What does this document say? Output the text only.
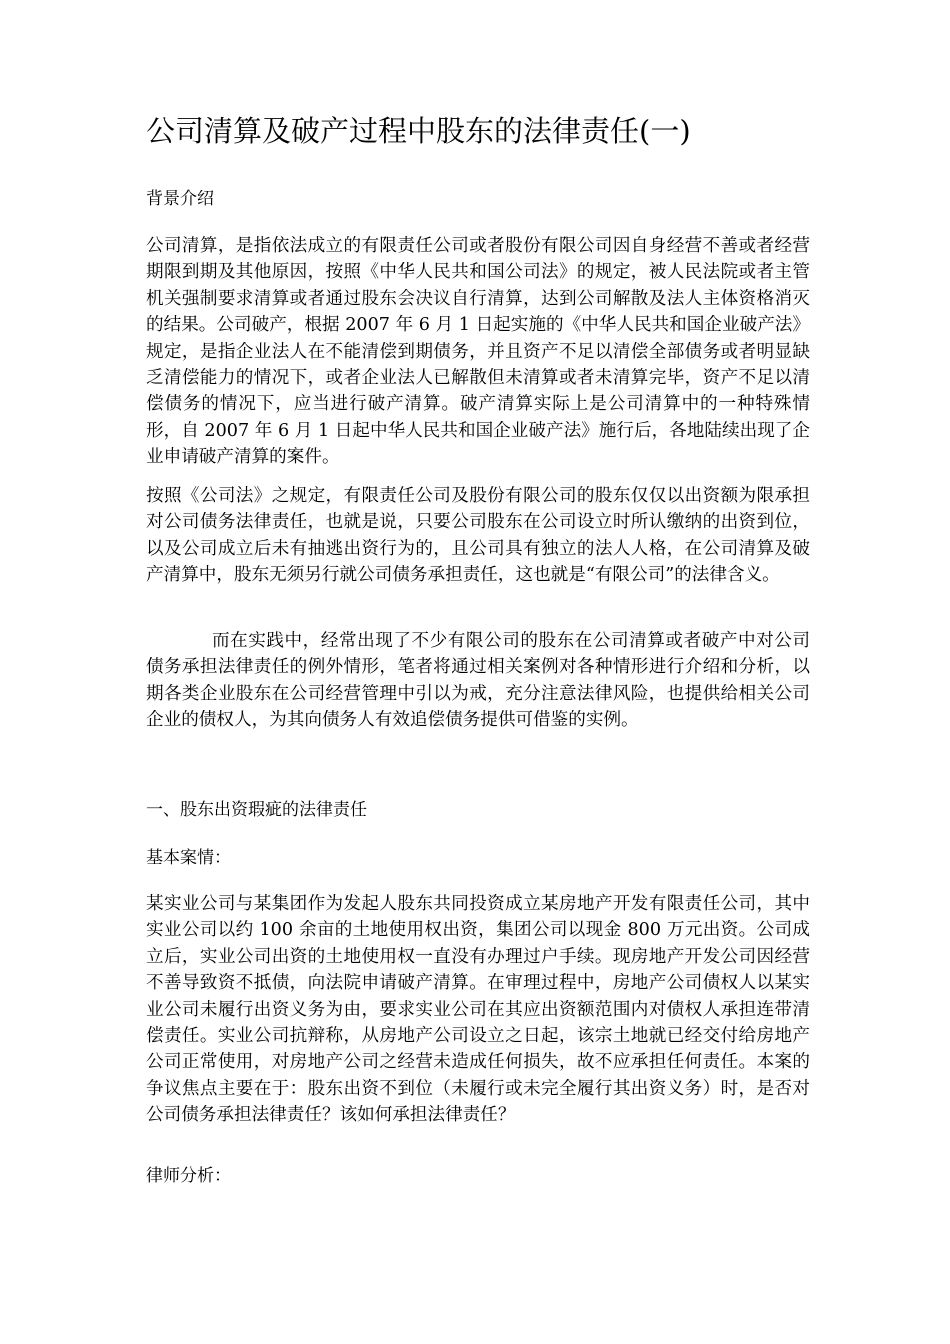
公司清算及破产过程中股东的法律责任(一)
背景介绍

公司清算，是指依法成立的有限责任公司或者股份有限公司因自身经营不善或者经营期限到期及其他原因，按照《中华人民共和国公司法》的规定，被人民法院或者主管机关强制要求清算或者通过股东会决议自行清算，达到公司解散及法人主体资格消灭的结果。公司破产，根据 2007 年 6 月 1 日起实施的《中华人民共和国企业破产法》规定，是指企业法人在不能清偿到期债务，并且资产不足以清偿全部债务或者明显缺乏清偿能力的情况下，或者企业法人已解散但未清算或者未清算完毕，资产不足以清偿债务的情况下，应当进行破产清算。破产清算实际上是公司清算中的一种特殊情形，自 2007 年 6 月 1 日起中华人民共和国企业破产法》施行后，各地陆续出现了企业申请破产清算的案件。

按照《公司法》之规定，有限责任公司及股份有限公司的股东仅仅以出资额为限承担对公司债务法律责任，也就是说，只要公司股东在公司设立时所认缴纳的出资到位，以及公司成立后未有抽逃出资行为的，且公司具有独立的法人人格，在公司清算及破产清算中，股东无须另行就公司债务承担责任，这也就是“有限公司”的法律含义。

而在实践中，经常出现了不少有限公司的股东在公司清算或者破产中对公司债务承担法律责任的例外情形，笔者将通过相关案例对各种情形进行介绍和分析，以期各类企业股东在公司经营管理中引以为戒，充分注意法律风险，也提供给相关公司企业的债权人，为其向债务人有效追偿债务提供可借鉴的实例。

一、股东出资瑕疵的法律责任
基本案情：

某实业公司与某集团作为发起人股东共同投资成立某房地产开发有限责任公司，其中实业公司以约 100 余亩的土地使用权出资，集团公司以现金 800 万元出资。公司成立后，实业公司出资的土地使用权一直没有办理过户手续。现房地产开发公司因经营不善导致资不抵债，向法院申请破产清算。在审理过程中，房地产公司债权人以某实业公司未履行出资义务为由，要求实业公司在其应出资额范围内对债权人承担连带清偿责任。实业公司抗辩称，从房地产公司设立之日起，该宗土地就已经交付给房地产公司正常使用，对房地产公司之经营未造成任何损失，故不应承担任何责任。本案的争议焦点主要在于：股东出资不到位（未履行或未完全履行其出资义务）时，是否对公司债务承担法律责任？该如何承担法律责任？

律师分析：
